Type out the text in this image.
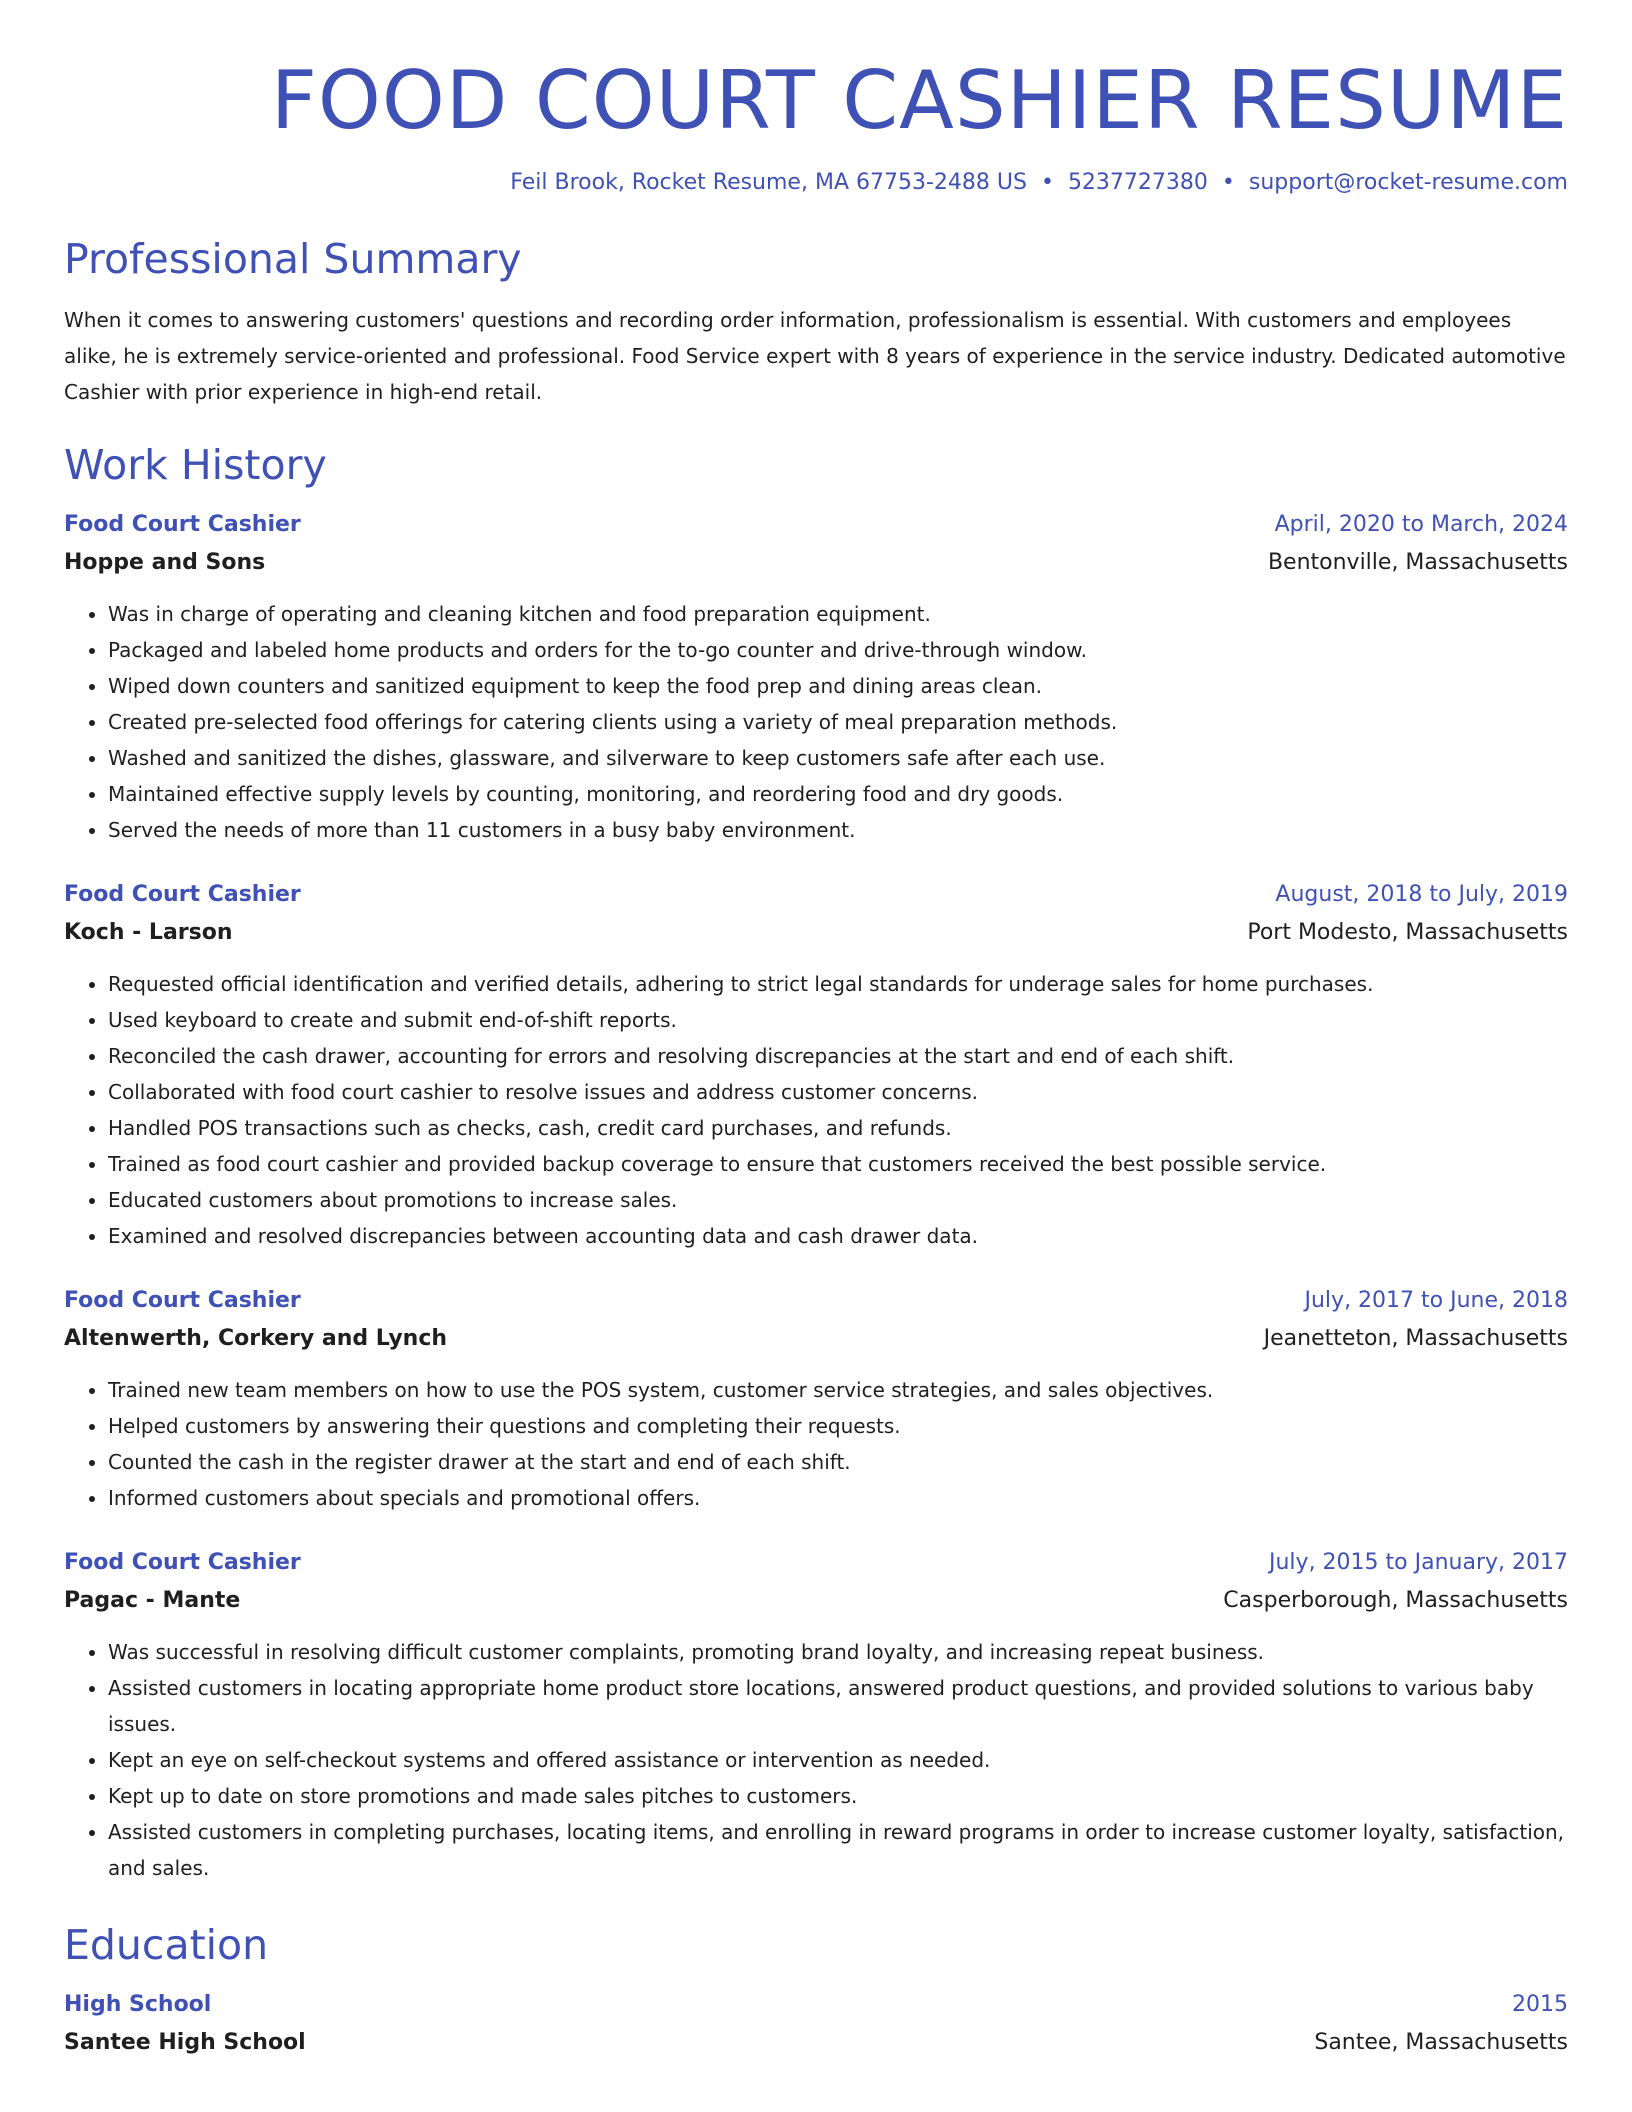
FOOD COURT CASHIER RESUME
Feil Brook, Rocket Resume, MA 67753-2488 US • 5237727380 • support@rocket-resume.com
Professional Summary

When it comes to answering customers' questions and recording order information, professionalism is essential. With customers and employees alike, he is extremely service-oriented and professional. Food Service expert with 8 years of experience in the service industry. Dedicated automotive Cashier with prior experience in high-end retail.

Work History
Food Court Cashier	April, 2020 to March, 2024
Hoppe and Sons	Bentonville, Massachusetts
• Was in charge of operating and cleaning kitchen and food preparation equipment.
• Packaged and labeled home products and orders for the to-go counter and drive-through window.
• Wiped down counters and sanitized equipment to keep the food prep and dining areas clean.
• Created pre-selected food offerings for catering clients using a variety of meal preparation methods.
• Washed and sanitized the dishes, glassware, and silverware to keep customers safe after each use.
• Maintained effective supply levels by counting, monitoring, and reordering food and dry goods.
• Served the needs of more than 11 customers in a busy baby environment.
Food Court Cashier	August, 2018 to July, 2019
Koch - Larson	Port Modesto, Massachusetts
• Requested official identification and verified details, adhering to strict legal standards for underage sales for home purchases.
• Used keyboard to create and submit end-of-shift reports.
• Reconciled the cash drawer, accounting for errors and resolving discrepancies at the start and end of each shift.
• Collaborated with food court cashier to resolve issues and address customer concerns.
• Handled POS transactions such as checks, cash, credit card purchases, and refunds.
• Trained as food court cashier and provided backup coverage to ensure that customers received the best possible service.
• Educated customers about promotions to increase sales.
• Examined and resolved discrepancies between accounting data and cash drawer data.
Food Court Cashier	July, 2017 to June, 2018
Altenwerth, Corkery and Lynch	Jeanetteton, Massachusetts
• Trained new team members on how to use the POS system, customer service strategies, and sales objectives.
• Helped customers by answering their questions and completing their requests.
• Counted the cash in the register drawer at the start and end of each shift.
• Informed customers about specials and promotional offers.
Food Court Cashier	July, 2015 to January, 2017
Pagac - Mante	Casperborough, Massachusetts
• Was successful in resolving difficult customer complaints, promoting brand loyalty, and increasing repeat business.
• Assisted customers in locating appropriate home product store locations, answered product questions, and provided solutions to various baby issues.
• Kept an eye on self-checkout systems and offered assistance or intervention as needed.
• Kept up to date on store promotions and made sales pitches to customers.
• Assisted customers in completing purchases, locating items, and enrolling in reward programs in order to increase customer loyalty, satisfaction, and sales.
Education
High School	2015
Santee High School	Santee, Massachusetts
